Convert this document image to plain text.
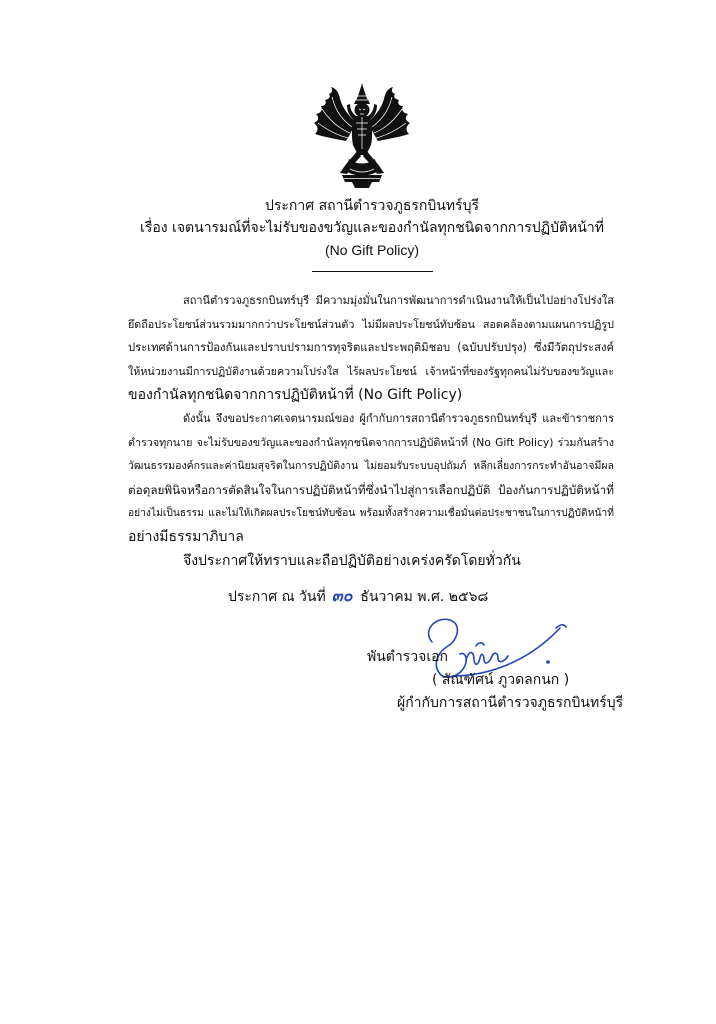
ประกาศ สถานีตำรวจภูธรกบินทร์บุรี
เรื่อง เจตนารมณ์ที่จะไม่รับของขวัญและของกำนัลทุกชนิดจากการปฏิบัติหน้าที่
(No Gift Policy)
สถานีตำรวจภูธรกบินทร์บุรี มีความมุ่งมั่นในการพัฒนาการดำเนินงานให้เป็นไปอย่างโปร่งใส
ยึดถือประโยชน์ส่วนรวมมากกว่าประโยชน์ส่วนตัว ไม่มีผลประโยชน์ทับซ้อน สอดคล้องตามแผนการปฏิรูป
ประเทศด้านการป้องกันและปราบปรามการทุจริตและประพฤติมิชอบ (ฉบับปรับปรุง) ซึ่งมีวัตถุประสงค์
ให้หน่วยงานมีการปฏิบัติงานด้วยความโปร่งใส ไร้ผลประโยชน์ เจ้าหน้าที่ของรัฐทุกคนไม่รับของขวัญและ
ของกำนัลทุกชนิดจากการปฏิบัติหน้าที่ (No Gift Policy)
ดังนั้น จึงขอประกาศเจตนารมณ์ของ ผู้กำกับการสถานีตำรวจภูธรกบินทร์บุรี และข้าราชการ
ตำรวจทุกนาย จะไม่รับของขวัญและของกำนัลทุกชนิดจากการปฏิบัติหน้าที่ (No Gift Policy) ร่วมกันสร้าง
วัฒนธรรมองค์กรและค่านิยมสุจริตในการปฏิบัติงาน ไม่ยอมรับระบบอุปถัมภ์ หลีกเลี่ยงการกระทำอันอาจมีผล
ต่อดุลยพินิจหรือการตัดสินใจในการปฏิบัติหน้าที่ซึ่งนำไปสู่การเลือกปฏิบัติ ป้องกันการปฏิบัติหน้าที่
อย่างไม่เป็นธรรม และไม่ให้เกิดผลประโยชน์ทับซ้อน พร้อมทั้งสร้างความเชื่อมั่นต่อประชาชนในการปฏิบัติหน้าที่
อย่างมีธรรมาภิบาล
จึงประกาศให้ทราบและถือปฏิบัติอย่างเคร่งครัดโดยทั่วกัน
ประกาศ ณ วันที่ ๓๐ ธันวาคม พ.ศ. ๒๕๖๘
พันตำรวจเอก
( สัณฑัศน์ ภูวดลกนก )
ผู้กำกับการสถานีตำรวจภูธรกบินทร์บุรี
